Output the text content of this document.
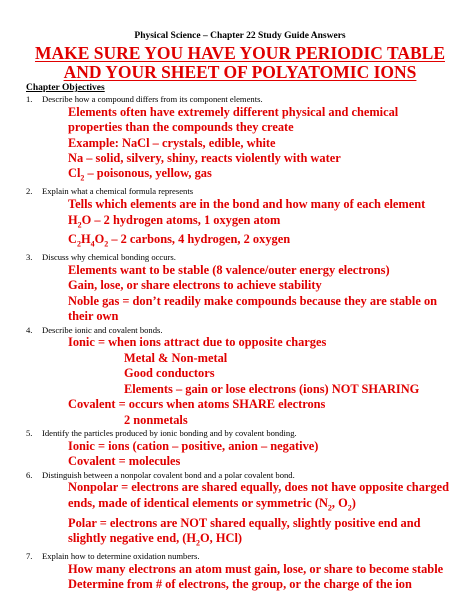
Physical Science – Chapter 22 Study Guide Answers
MAKE SURE YOU HAVE YOUR PERIODIC TABLE
AND YOUR SHEET OF POLYATOMIC IONS
Chapter Objectives
1.	Describe how a compound differs from its component elements.
Elements often have extremely different physical and chemical properties than the compounds they create
Example: NaCl – crystals, edible, white
Na – solid, silvery, shiny, reacts violently with water
$Cl_2$ – poisonous, yellow, gas
2.	Explain what a chemical formula represents
Tells which elements are in the bond and how many of each element
$H_2O - 2$ hydrogen atoms, 1 oxygen atom
$C_2H_4O_2 - 2$ carbons, 4 hydrogen, 2 oxygen
3.	Discuss why chemical bonding occurs.
Elements want to be stable (8 valence/outer energy electrons)
Gain, lose, or share electrons to achieve stability
Noble gas = don’t readily make compounds because they are stable on their own
4.	Describe ionic and covalent bonds.
Ionic = when ions attract due to opposite charges
Metal & Non-metal
Good conductors
Elements – gain or lose electrons (ions) NOT SHARING
Covalent = occurs when atoms SHARE electrons
2 nonmetals
5.	Identify the particles produced by ionic bonding and by covalent bonding.
Ionic = ions (cation – positive, anion – negative)
Covalent = molecules
6.	Distinguish between a nonpolar covalent bond and a polar covalent bond.
Nonpolar = electrons are shared equally, does not have opposite charged ends, made of identical elements or symmetric ($N_2$, $O_2$)
Polar = electrons are NOT shared equally, slightly positive end and slightly negative end, ($H_2O$, HCl)
7.	Explain how to determine oxidation numbers.
How many electrons an atom must gain, lose, or share to become stable
Determine from # of electrons, the group, or the charge of the ion
